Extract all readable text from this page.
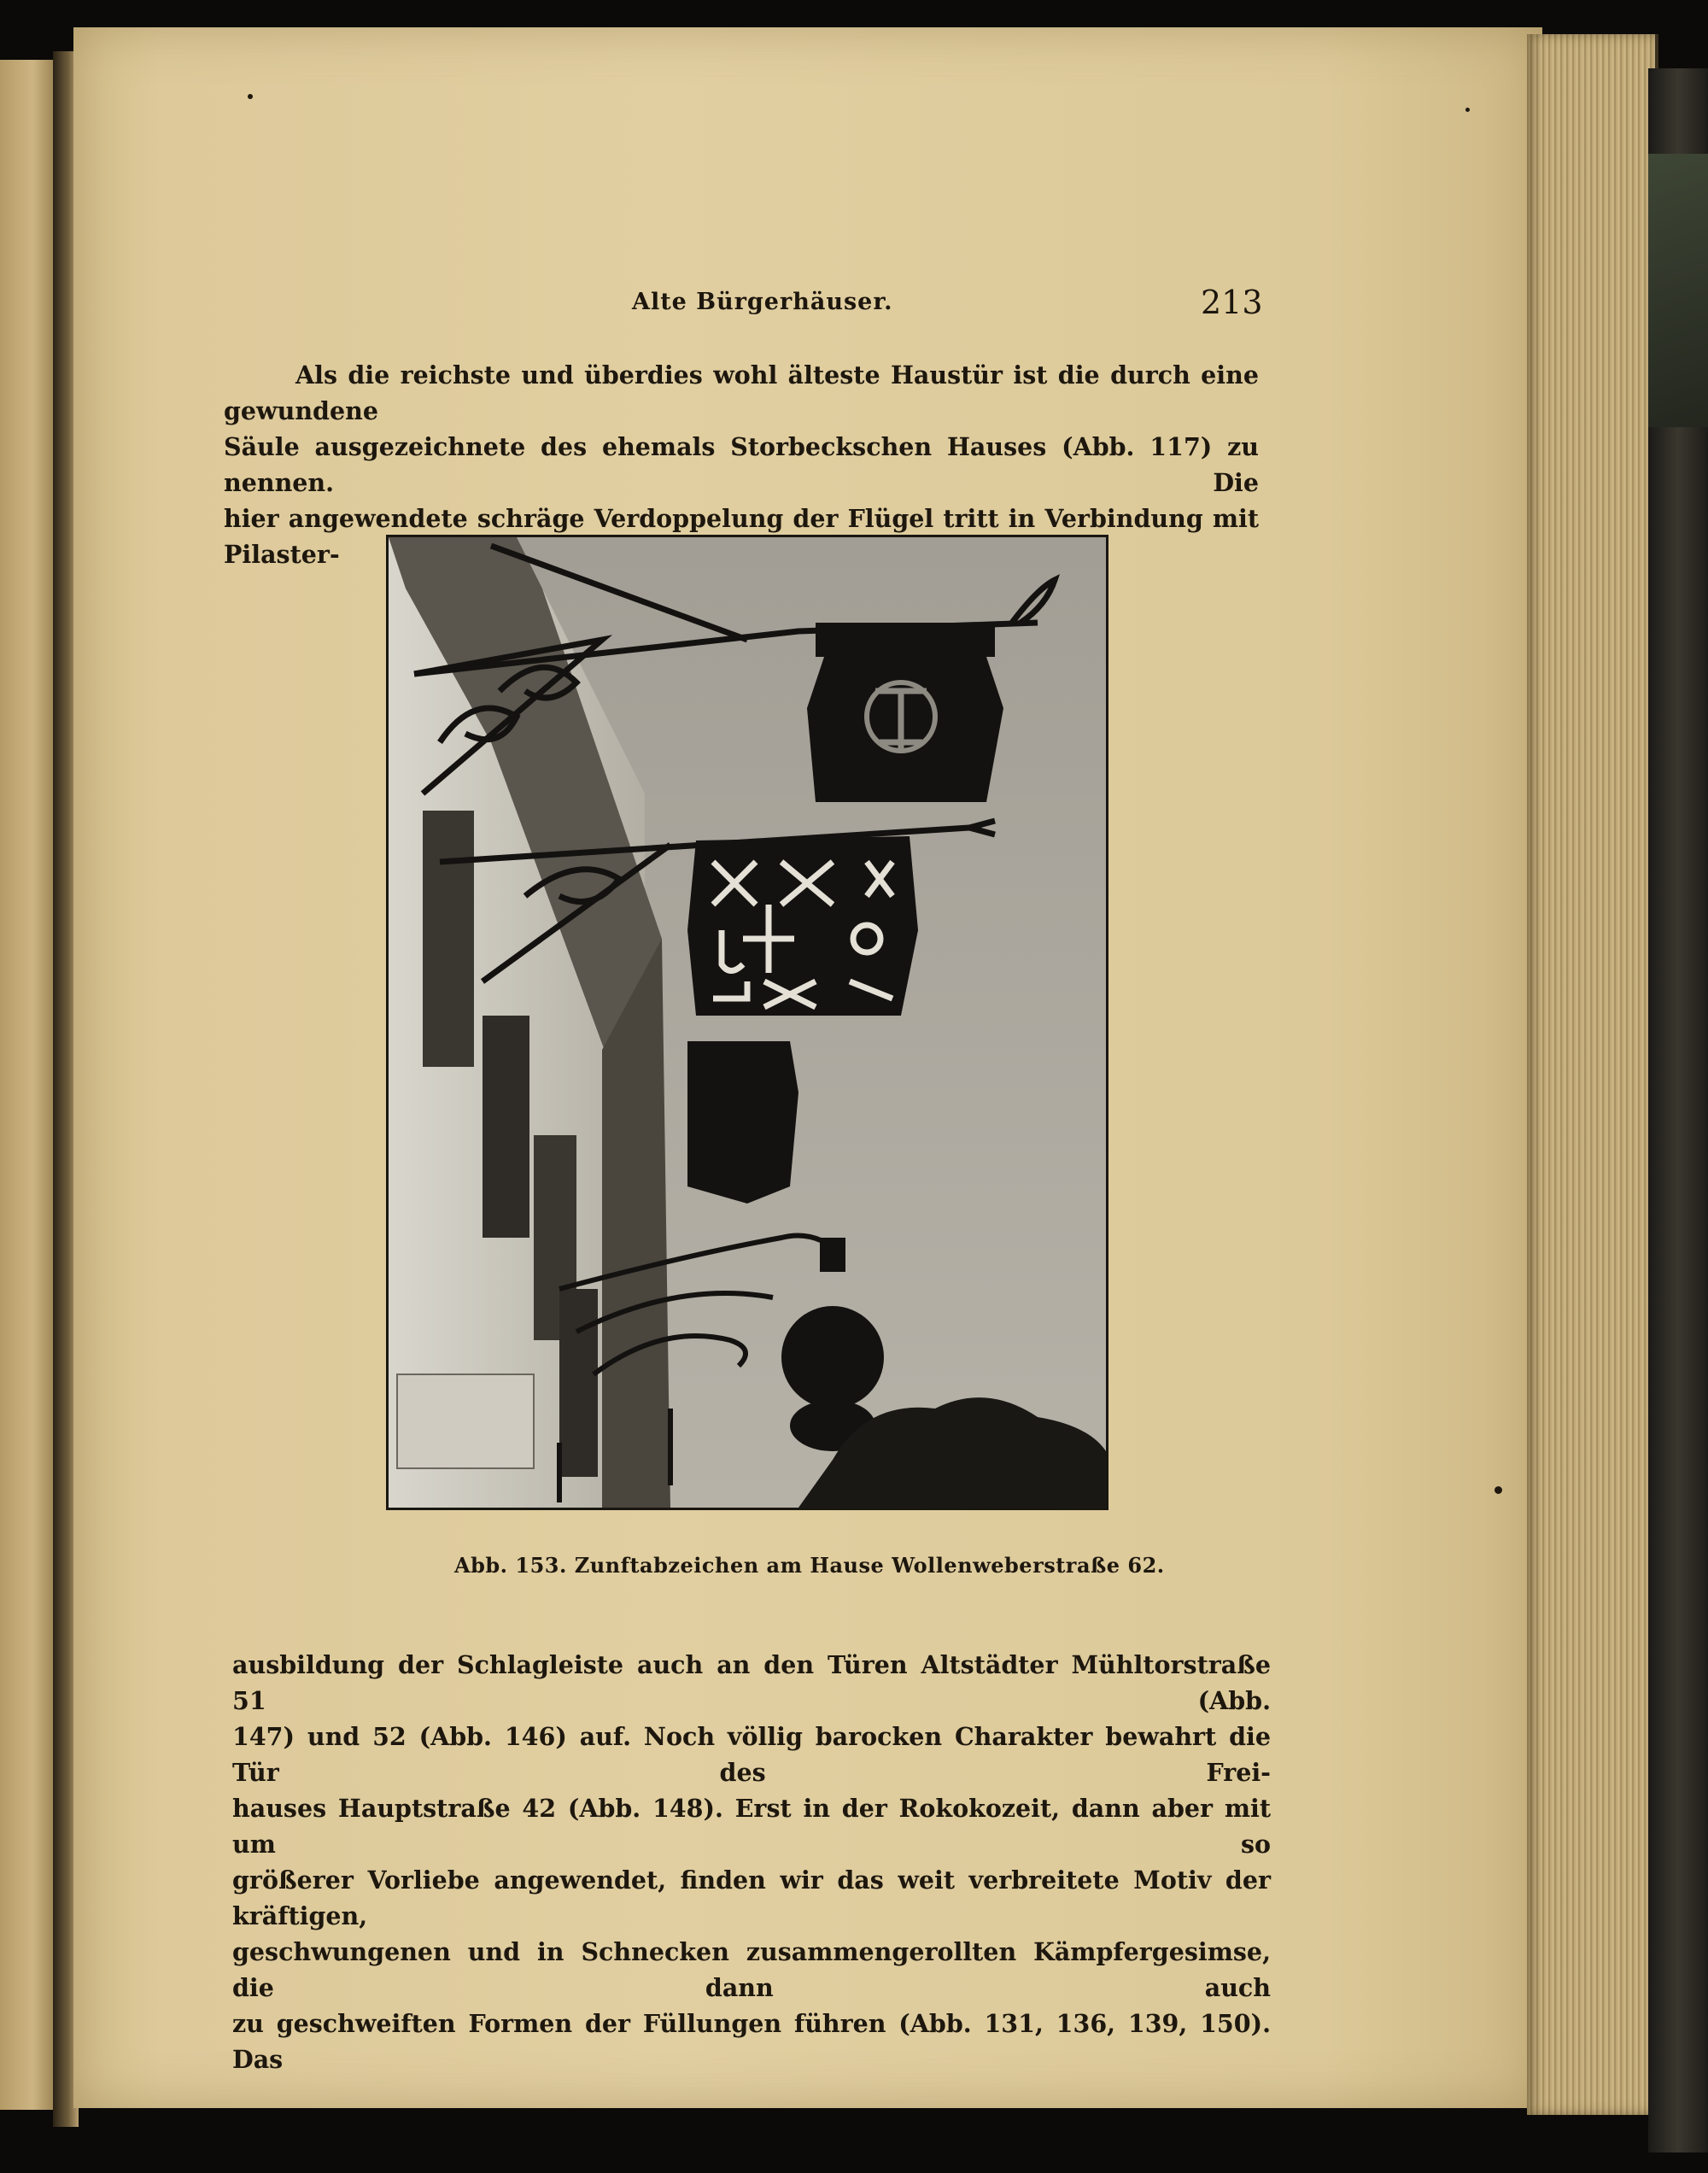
Alte Bürgerhäuser.	213

Als die reichste und überdies wohl älteste Haustür ist die durch eine gewundene
Säule ausgezeichnete des ehemals Storbeckschen Hauses (Abb. 117) zu nennen. Die
hier angewendete schräge Verdoppelung der Flügel tritt in Verbindung mit Pilaster-

Abb. 153. Zunftabzeichen am Hause Wollenweberstraße 62.

ausbildung der Schlagleiste auch an den Türen Altstädter Mühltorstraße 51 (Abb.
147) und 52 (Abb. 146) auf. Noch völlig barocken Charakter bewahrt die Tür des Frei-
hauses Hauptstraße 42 (Abb. 148). Erst in der Rokokozeit, dann aber mit um so
größerer Vorliebe angewendet, finden wir das weit verbreitete Motiv der kräftigen,
geschwungenen und in Schnecken zusammengerollten Kämpfergesimse, die dann auch
zu geschweiften Formen der Füllungen führen (Abb. 131, 136, 139, 150). Das
